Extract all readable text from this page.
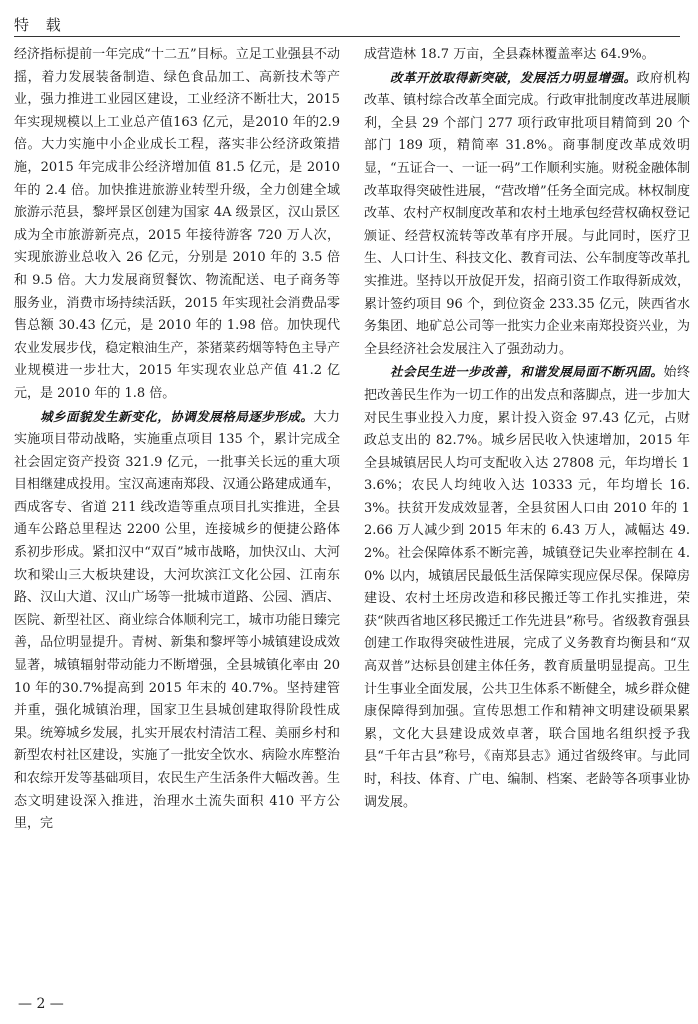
特 载

经济指标提前一年完成“十二五”目标。立足工业强县不动摇，着力发展装备制造、绿色食品加工、高新技术等产业，强力推进工业园区建设，工业经济不断壮大，2015 年实现规模以上工业总产值163 亿元，是2010 年的2.9 倍。大力实施中小企业成长工程，落实非公经济政策措施，2015 年完成非公经济增加值 81.5 亿元，是 2010 年的 2.4 倍。加快推进旅游业转型升级，全力创建全域旅游示范县，黎坪景区创建为国家 4A 级景区，汉山景区成为全市旅游新亮点，2015 年接待游客 720 万人次，实现旅游业总收入 26 亿元，分别是 2010 年的 3.5 倍和 9.5 倍。大力发展商贸餐饮、物流配送、电子商务等服务业，消费市场持续活跃，2015 年实现社会消费品零售总额 30.43 亿元，是 2010 年的 1.98 倍。加快现代农业发展步伐，稳定粮油生产，茶猪菜药烟等特色主导产业规模进一步壮大，2015 年实现农业总产值 41.2 亿元，是 2010 年的 1.8 倍。

城乡面貌发生新变化，协调发展格局逐步形成。大力实施项目带动战略，实施重点项目 135 个，累计完成全社会固定资产投资 321.9 亿元，一批事关长远的重大项目相继建成投用。宝汉高速南郑段、汉通公路建成通车，西成客专、省道 211 线改造等重点项目扎实推进，全县通车公路总里程达 2200 公里，连接城乡的便捷公路体系初步形成。紧扣汉中“双百”城市战略，加快汉山、大河坎和梁山三大板块建设，大河坎滨江文化公园、江南东路、汉山大道、汉山广场等一批城市道路、公园、酒店、医院、新型社区、商业综合体顺利完工，城市功能日臻完善，品位明显提升。青树、新集和黎坪等小城镇建设成效显著，城镇辐射带动能力不断增强，全县城镇化率由 2010 年的30.7%提高到 2015 年末的 40.7%。坚持建管并重，强化城镇治理，国家卫生县城创建取得阶段性成果。统筹城乡发展，扎实开展农村清洁工程、美丽乡村和新型农村社区建设，实施了一批安全饮水、病险水库整治和农综开发等基础项目，农民生产生活条件大幅改善。生态文明建设深入推进，治理水土流失面积 410 平方公里，完

成营造林 18.7 万亩，全县森林覆盖率达 64.9%。

改革开放取得新突破，发展活力明显增强。政府机构改革、镇村综合改革全面完成。行政审批制度改革进展顺利，全县 29 个部门 277 项行政审批项目精简到 20 个部门 189 项，精简率 31.8%。商事制度改革成效明显，“五证合一、一证一码”工作顺利实施。财税金融体制改革取得突破性进展，“营改增”任务全面完成。林权制度改革、农村产权制度改革和农村土地承包经营权确权登记颁证、经营权流转等改革有序开展。与此同时，医疗卫生、人口计生、科技文化、教育司法、公车制度等改革扎实推进。坚持以开放促开发，招商引资工作取得新成效，累计签约项目 96 个，到位资金 233.35 亿元，陕西省水务集团、地矿总公司等一批实力企业来南郑投资兴业，为全县经济社会发展注入了强劲动力。

社会民生进一步改善，和谐发展局面不断巩固。始终把改善民生作为一切工作的出发点和落脚点，进一步加大对民生事业投入力度，累计投入资金 97.43 亿元，占财政总支出的 82.7%。城乡居民收入快速增加，2015 年全县城镇居民人均可支配收入达 27808 元，年均增长 13.6%；农民人均纯收入达 10333 元，年均增长 16.3%。扶贫开发成效显著，全县贫困人口由 2010 年的 12.66 万人减少到 2015 年末的 6.43 万人，减幅达 49.2%。社会保障体系不断完善，城镇登记失业率控制在 4.0% 以内，城镇居民最低生活保障实现应保尽保。保障房建设、农村土坯房改造和移民搬迁等工作扎实推进，荣获“陕西省地区移民搬迁工作先进县”称号。省级教育强县创建工作取得突破性进展，完成了义务教育均衡县和“双高双普”达标县创建主体任务，教育质量明显提高。卫生计生事业全面发展，公共卫生体系不断健全，城乡群众健康保障得到加强。宣传思想工作和精神文明建设硕果累累，文化大县建设成效卓著，联合国地名组织授予我县“千年古县”称号，《南郑县志》通过省级终审。与此同时，科技、体育、广电、编制、档案、老龄等各项事业协调发展。

— 2 —
